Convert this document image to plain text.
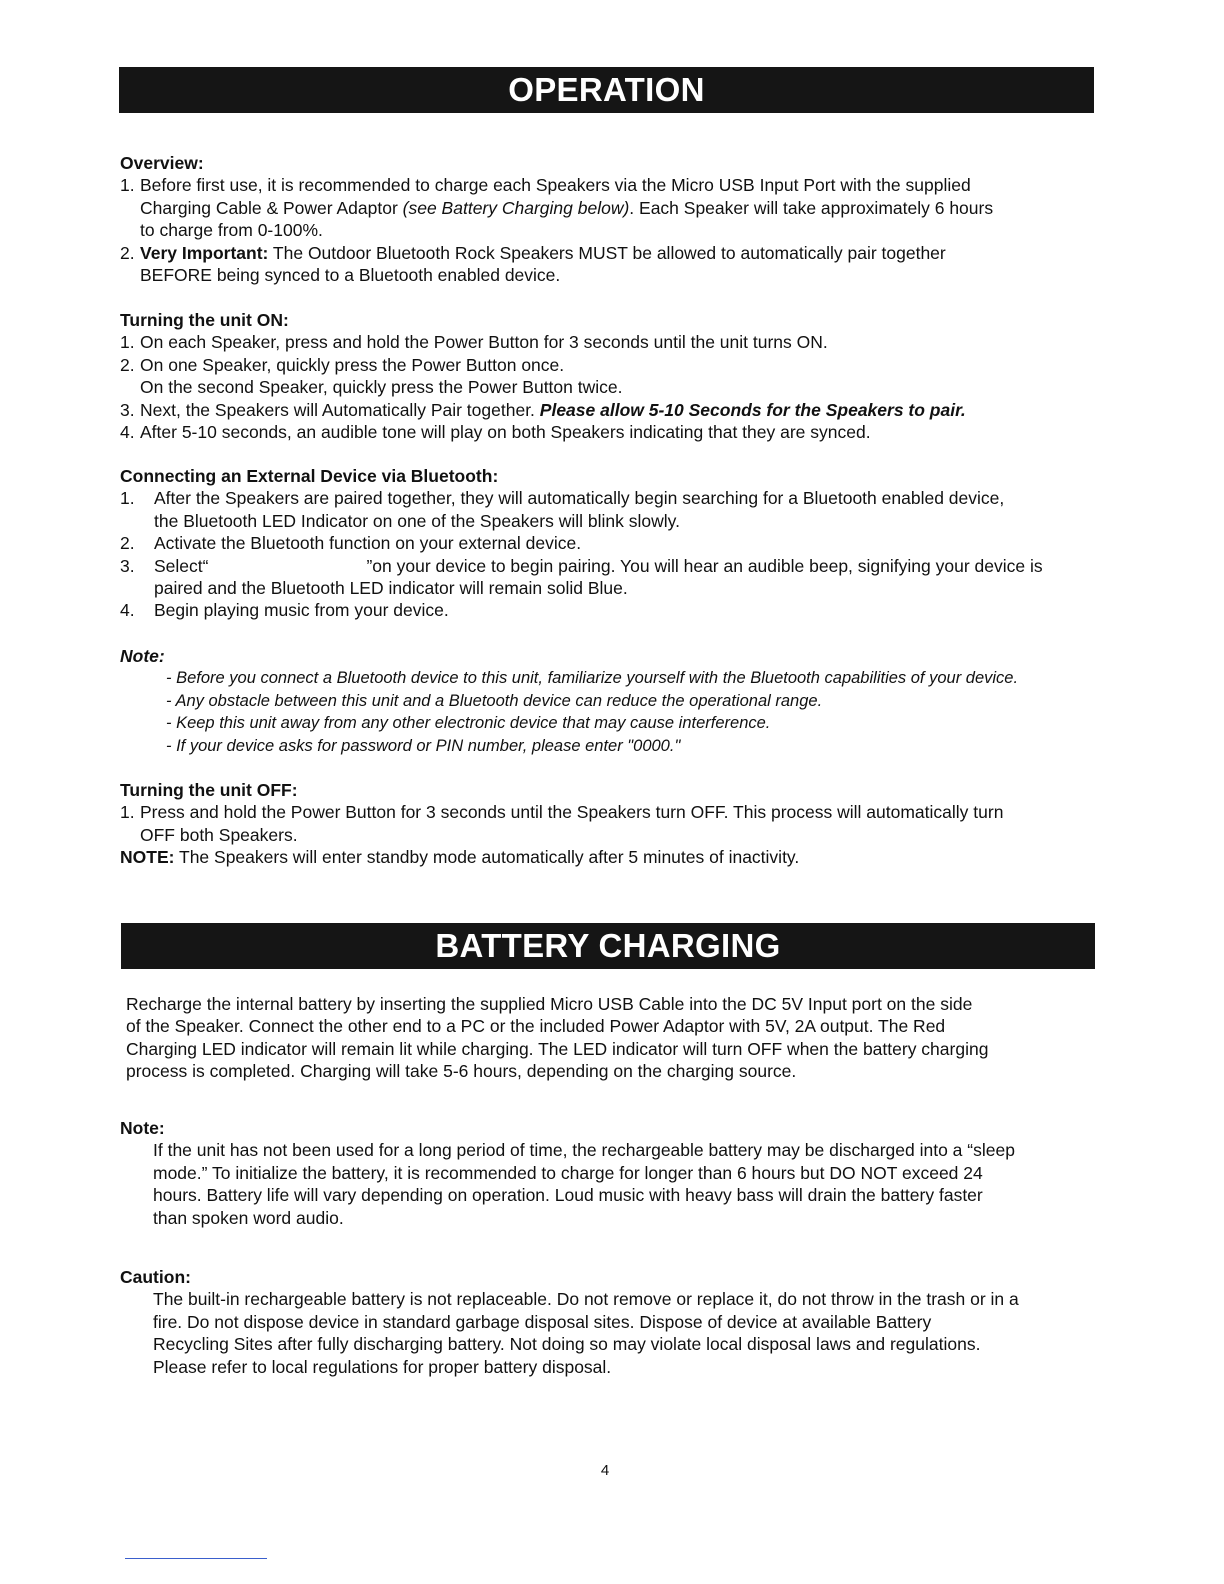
OPERATION

Overview:

1. Before first use, it is recommended to charge each Speakers via the Micro USB Input Port with the supplied
Charging Cable & Power Adaptor (see Battery Charging below). Each Speaker will take approximately 6 hours
to charge from 0-100%.
2. Very Important: The Outdoor Bluetooth Rock Speakers MUST be allowed to automatically pair together
BEFORE being synced to a Bluetooth enabled device.

Turning the unit ON:

1. On each Speaker, press and hold the Power Button for 3 seconds until the unit turns ON.
2. On one Speaker, quickly press the Power Button once.

On the second Speaker, quickly press the Power Button twice.

3. Next, the Speakers will Automatically Pair together. Please allow 5-10 Seconds for the Speakers to pair.
4. After 5-10 seconds, an audible tone will play on both Speakers indicating that they are synced.

Connecting an External Device via Bluetooth:

1.	After the Speakers are paired together, they will automatically begin searching for a Bluetooth enabled device,
the Bluetooth LED Indicator on one of the Speakers will blink slowly.
2.	Activate the Bluetooth function on your external device.
3.	Select“	”on your device to begin pairing. You will hear an audible beep, signifying your device is
paired and the Bluetooth LED indicator will remain solid Blue.
4.	Begin playing music from your device.

Note:

- Before you connect a Bluetooth device to this unit, familiarize yourself with the Bluetooth capabilities of your device.

- Any obstacle between this unit and a Bluetooth device can reduce the operational range.

- Keep this unit away from any other electronic device that may cause interference.

- If your device asks for password or PIN number, please enter "0000."

Turning the unit OFF:

1. Press and hold the Power Button for 3 seconds until the Speakers turn OFF. This process will automatically turn
OFF both Speakers.

NOTE: The Speakers will enter standby mode automatically after 5 minutes of inactivity.

BATTERY CHARGING

Recharge the internal battery by inserting the supplied Micro USB Cable into the DC 5V Input port on the side

of the Speaker. Connect the other end to a PC or the included Power Adaptor with 5V, 2A output. The Red

Charging LED indicator will remain lit while charging. The LED indicator will turn OFF when the battery charging

process is completed. Charging will take 5-6 hours, depending on the charging source.

Note:

If the unit has not been used for a long period of time, the rechargeable battery may be discharged into a “sleep

mode.” To initialize the battery, it is recommended to charge for longer than 6 hours but DO NOT exceed 24

hours. Battery life will vary depending on operation. Loud music with heavy bass will drain the battery faster

than spoken word audio.

Caution:

The built-in rechargeable battery is not replaceable. Do not remove or replace it, do not throw in the trash or in a

fire. Do not dispose device in standard garbage disposal sites. Dispose of device at available Battery

Recycling Sites after fully discharging battery. Not doing so may violate local disposal laws and regulations.

Please refer to local regulations for proper battery disposal.

4
